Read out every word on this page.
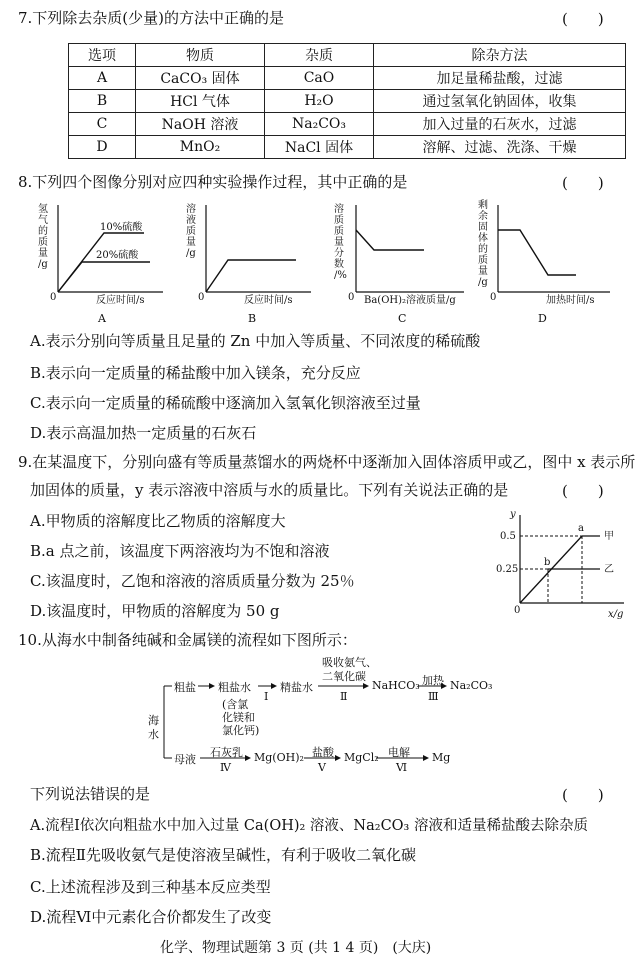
7.下列除去杂质(少量)的方法中正确的是	(　　)
选项	物质	杂质	除杂方法
A	CaCO₃ 固体	CaO	加足量稀盐酸，过滤
B	HCl 气体	H₂O	通过氢氧化钠固体，收集
C	NaOH 溶液	Na₂CO₃	加入过量的石灰水，过滤
D	MnO₂	NaCl 固体	溶解、过滤、洗涤、干燥
8.下列四个图像分别对应四种实验操作过程，其中正确的是	(　　)
氢
气
的
质
量
/g
10%硫酸
20%硫酸
0	反应时间/s
A
溶
液
质
量
/g
0	反应时间/s
B
溶
质
质
量
分
数
/%
0 Ba(OH)₂溶液质量/g
C
剩
余
固
体
的
质
量
/g
0	加热时间/s
D
A.表示分别向等质量且足量的 Zn 中加入等质量、不同浓度的稀硫酸
B.表示向一定质量的稀盐酸中加入镁条，充分反应
C.表示向一定质量的稀硫酸中逐滴加入氢氧化钡溶液至过量
D.表示高温加热一定质量的石灰石
9.在某温度下，分别向盛有等质量蒸馏水的两烧杯中逐渐加入固体溶质甲或乙，图中 x 表示所
加固体的质量，y 表示溶液中溶质与水的质量比。下列有关说法正确的是	(　　)
A.甲物质的溶解度比乙物质的溶解度大
B.a 点之前，该温度下两溶液均为不饱和溶液
C.该温度时，乙饱和溶液的溶质质量分数为 25％
D.该温度时，甲物质的溶解度为 50 g
y
0.5
0.25
0	x/g
a
b
甲
乙
10.从海水中制备纯碱和金属镁的流程如下图所示：
海
水
粗盐 粗盐水
Ⅰ
(含氯
化镁和
氯化钙)
精盐水
吸收氨气、
二氧化碳
Ⅱ
NaHCO₃ 加热
Ⅲ
Na₂CO₃
母液
石灰乳
Ⅳ
Mg(OH)₂ 盐酸
Ⅴ
MgCl₂ 电解
Ⅵ
Mg
下列说法错误的是	(　　)
A.流程Ⅰ依次向粗盐水中加入过量 Ca(OH)₂ 溶液、Na₂CO₃ 溶液和适量稀盐酸去除杂质
B.流程Ⅱ先吸收氨气是使溶液呈碱性，有利于吸收二氧化碳
C.上述流程涉及到三种基本反应类型
D.流程Ⅵ中元素化合价都发生了改变
化学、物理试题第 3 页 (共 1 4 页)　(大庆)
